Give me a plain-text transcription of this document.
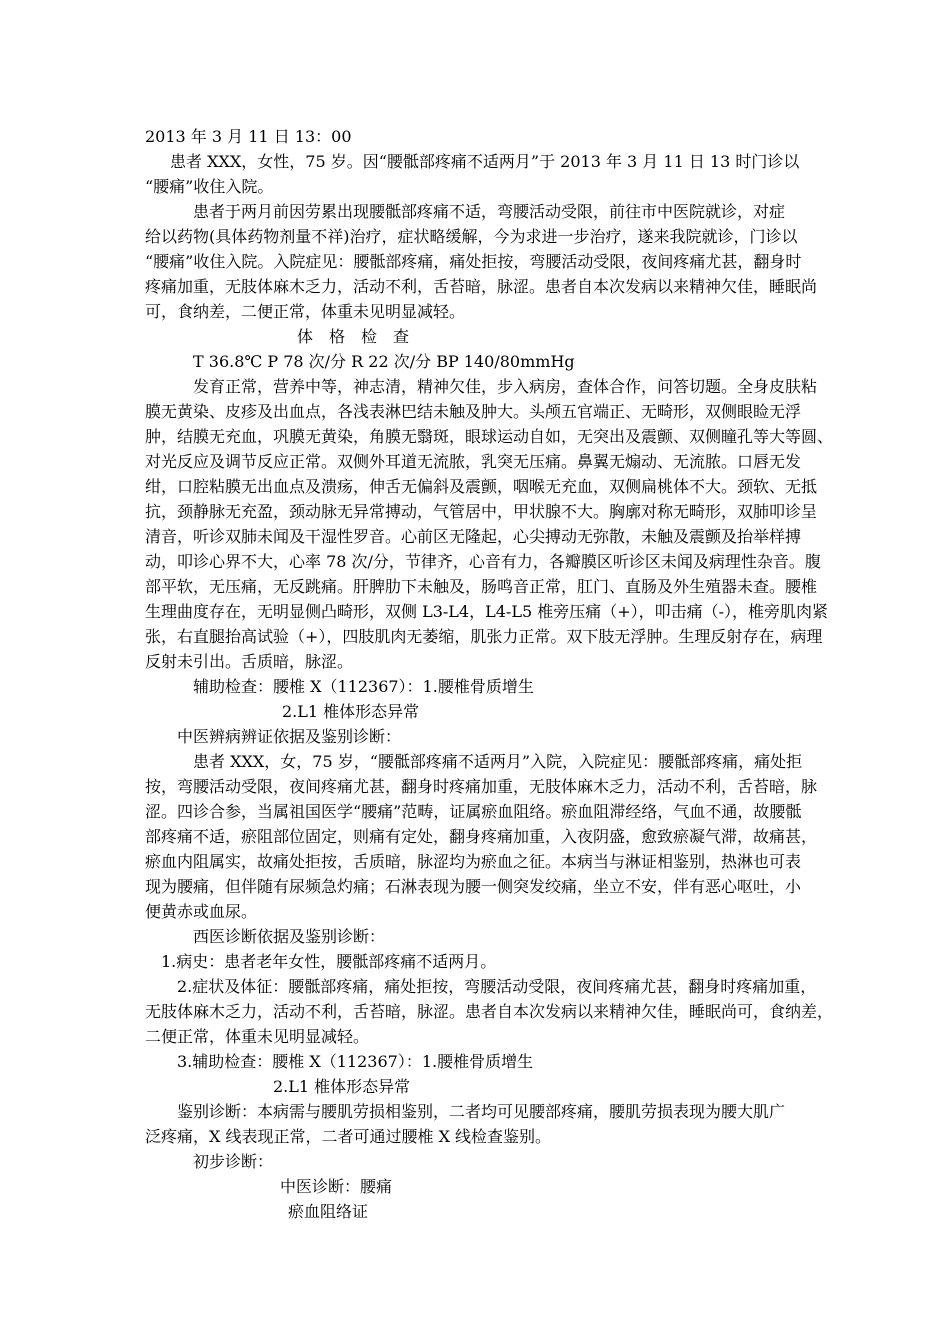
2013 年 3 月 11 日 13：00
患者 XXX，女性，75 岁。因“腰骶部疼痛不适两月”于 2013 年 3 月 11 日 13 时门诊以
“腰痛”收住入院。
患者于两月前因劳累出现腰骶部疼痛不适，弯腰活动受限，前往市中医院就诊，对症
给以药物(具体药物剂量不祥)治疗，症状略缓解，今为求进一步治疗，遂来我院就诊，门诊以
“腰痛”收住入院。入院症见：腰骶部疼痛，痛处拒按，弯腰活动受限，夜间疼痛尤甚，翻身时
疼痛加重，无肢体麻木乏力，活动不利，舌苔暗，脉涩。患者自本次发病以来精神欠佳，睡眠尚
可，食纳差，二便正常，体重未见明显减轻。
体　格　检　查
T 36.8℃ P 78 次/分 R 22 次/分 BP 140/80mmHg
发育正常，营养中等，神志清，精神欠佳，步入病房，查体合作，问答切题。全身皮肤粘
膜无黄染、皮疹及出血点，各浅表淋巴结未触及肿大。头颅五官端正、无畸形，双侧眼睑无浮
肿，结膜无充血，巩膜无黄染，角膜无翳斑，眼球运动自如，无突出及震颤、双侧瞳孔等大等圆、
对光反应及调节反应正常。双侧外耳道无流脓，乳突无压痛。鼻翼无煽动、无流脓。口唇无发
绀，口腔粘膜无出血点及溃疡，伸舌无偏斜及震颤，咽喉无充血，双侧扁桃体不大。颈软、无抵
抗，颈静脉无充盈，颈动脉无异常搏动，气管居中，甲状腺不大。胸廓对称无畸形，双肺叩诊呈
清音，听诊双肺未闻及干湿性罗音。心前区无隆起，心尖搏动无弥散，未触及震颤及抬举样搏
动，叩诊心界不大，心率 78 次/分，节律齐，心音有力，各瓣膜区听诊区未闻及病理性杂音。腹
部平软，无压痛，无反跳痛。肝脾肋下未触及，肠鸣音正常，肛门、直肠及外生殖器未查。腰椎
生理曲度存在，无明显侧凸畸形，双侧 L3-L4，L4-L5 椎旁压痛（+），叩击痛（-），椎旁肌肉紧
张，右直腿抬高试验（+），四肢肌肉无萎缩，肌张力正常。双下肢无浮肿。生理反射存在，病理
反射未引出。舌质暗，脉涩。
辅助检查：腰椎 X（112367）：1.腰椎骨质增生
2.L1 椎体形态异常
中医辨病辨证依据及鉴别诊断：
患者 XXX，女，75 岁，“腰骶部疼痛不适两月”入院，入院症见：腰骶部疼痛，痛处拒
按，弯腰活动受限，夜间疼痛尤甚，翻身时疼痛加重，无肢体麻木乏力，活动不利，舌苔暗，脉
涩。四诊合参，当属祖国医学“腰痛”范畴，证属瘀血阻络。瘀血阻滞经络，气血不通，故腰骶
部疼痛不适，瘀阻部位固定，则痛有定处，翻身疼痛加重，入夜阴盛，愈致瘀凝气滞，故痛甚，
瘀血内阻属实，故痛处拒按，舌质暗，脉涩均为瘀血之征。本病当与淋证相鉴别，热淋也可表
现为腰痛，但伴随有尿频急灼痛；石淋表现为腰一侧突发绞痛，坐立不安，伴有恶心呕吐，小
便黄赤或血尿。
西医诊断依据及鉴别诊断：
1.病史：患者老年女性，腰骶部疼痛不适两月。
2.症状及体征：腰骶部疼痛，痛处拒按，弯腰活动受限，夜间疼痛尤甚，翻身时疼痛加重，
无肢体麻木乏力，活动不利，舌苔暗，脉涩。患者自本次发病以来精神欠佳，睡眠尚可，食纳差，
二便正常，体重未见明显减轻。
3.辅助检查：腰椎 X（112367）：1.腰椎骨质增生
2.L1 椎体形态异常
鉴别诊断：本病需与腰肌劳损相鉴别，二者均可见腰部疼痛，腰肌劳损表现为腰大肌广
泛疼痛，X 线表现正常，二者可通过腰椎 X 线检查鉴别。
初步诊断：
中医诊断：腰痛
瘀血阻络证
